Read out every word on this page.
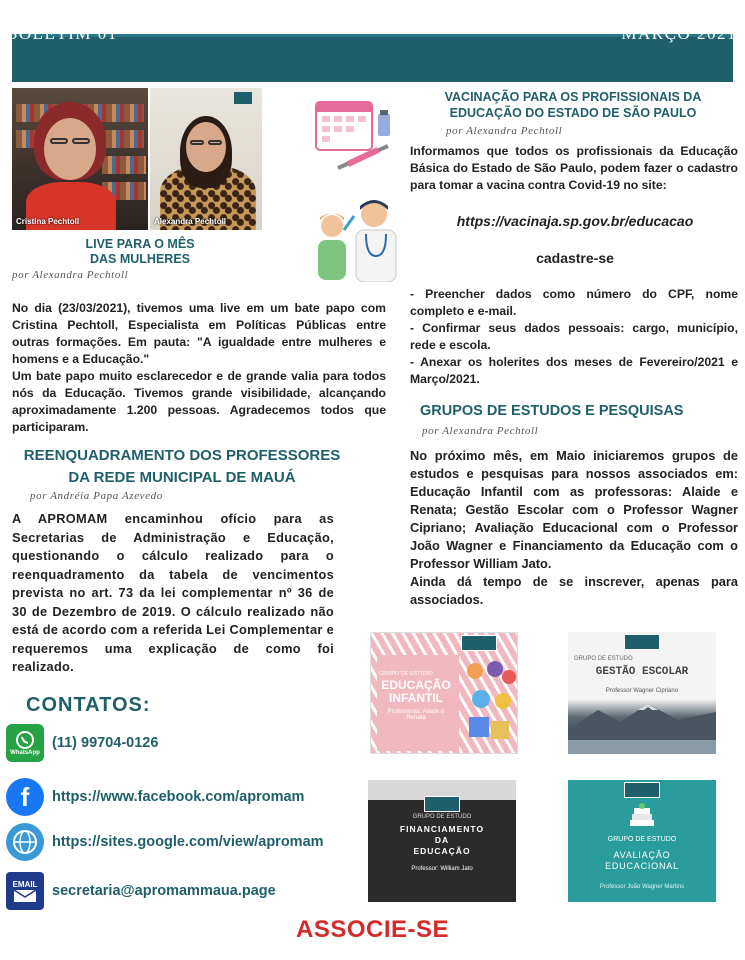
BOLETIM 01	MARÇO 2021
Cristina Pechtoll	Alexandra Pechtoll
LIVE PARA O MÊS
DAS MULHERES
por Alexandra Pechtoll

No dia (23/03/2021), tivemos uma live em um bate papo com Cristina Pechtoll, Especialista em Políticas Públicas entre outras formações. Em pauta: "A igualdade entre mulheres e homens e a Educação."

Um bate papo muito esclarecedor e de grande valia para todos nós da Educação. Tivemos grande visibilidade, alcançando aproximadamente 1.200 pessoas. Agradecemos todos que participaram.

VACINAÇÃO PARA OS PROFISSIONAIS DA
EDUCAÇÃO DO ESTADO DE SÃO PAULO
por Alexandra Pechtoll
Informamos que todos os profissionais da Educação Básica do Estado de São Paulo, podem fazer o cadastro para tomar a vacina contra Covid-19 no site:
https://vacinaja.sp.gov.br/educacao
cadastre-se

- Preencher dados como número do CPF, nome completo e e-mail.

- Confirmar seus dados pessoais: cargo, município, rede e escola.

- Anexar os holerites dos meses de Fevereiro/2021 e Março/2021.

REENQUADRAMENTO DOS PROFESSORES
DA REDE MUNICIPAL DE MAUÁ
por Andréia Papa Azevedo
A APROMAM encaminhou ofício para as Secretarias de Administração e Educação, questionando o cálculo realizado para o reenquadramento da tabela de vencimentos prevista no art. 73 da lei complementar nº 36 de 30 de Dezembro de 2019. O cálculo realizado não está de acordo com a referida Lei Complementar e requeremos uma explicação de como foi realizado.
GRUPOS DE ESTUDOS E PESQUISAS
por Alexandra Pechtoll

No próximo mês, em Maio iniciaremos grupos de estudos e pesquisas para nossos associados em: Educação Infantil com as professoras: Alaide e Renata; Gestão Escolar com o Professor Wagner Cipriano; Avaliação Educacional com o Professor João Wagner e Financiamento da Educação com o Professor William Jato.

Ainda dá tempo de se inscrever, apenas para associados.

GRUPO DE ESTUDO
EDUCAÇÃO
INFANTIL
Professoras: Alaide e
Renata
GRUPO DE ESTUDO
GESTÃO ESCOLAR
Professor Wagner Cipriano
GRUPO DE ESTUDO
FINANCIAMENTO
DA
EDUCAÇÃO
Professor: William Jato
GRUPO DE ESTUDO
AVALIAÇÃO
EDUCACIONAL
Professor João Wagner Martins
CONTATOS:
WhatsApp
(11) 99704-0126
f	https://www.facebook.com/apromam
https://sites.google.com/view/apromam
EMAIL secretaria@apromammaua.page
ASSOCIE-SE
